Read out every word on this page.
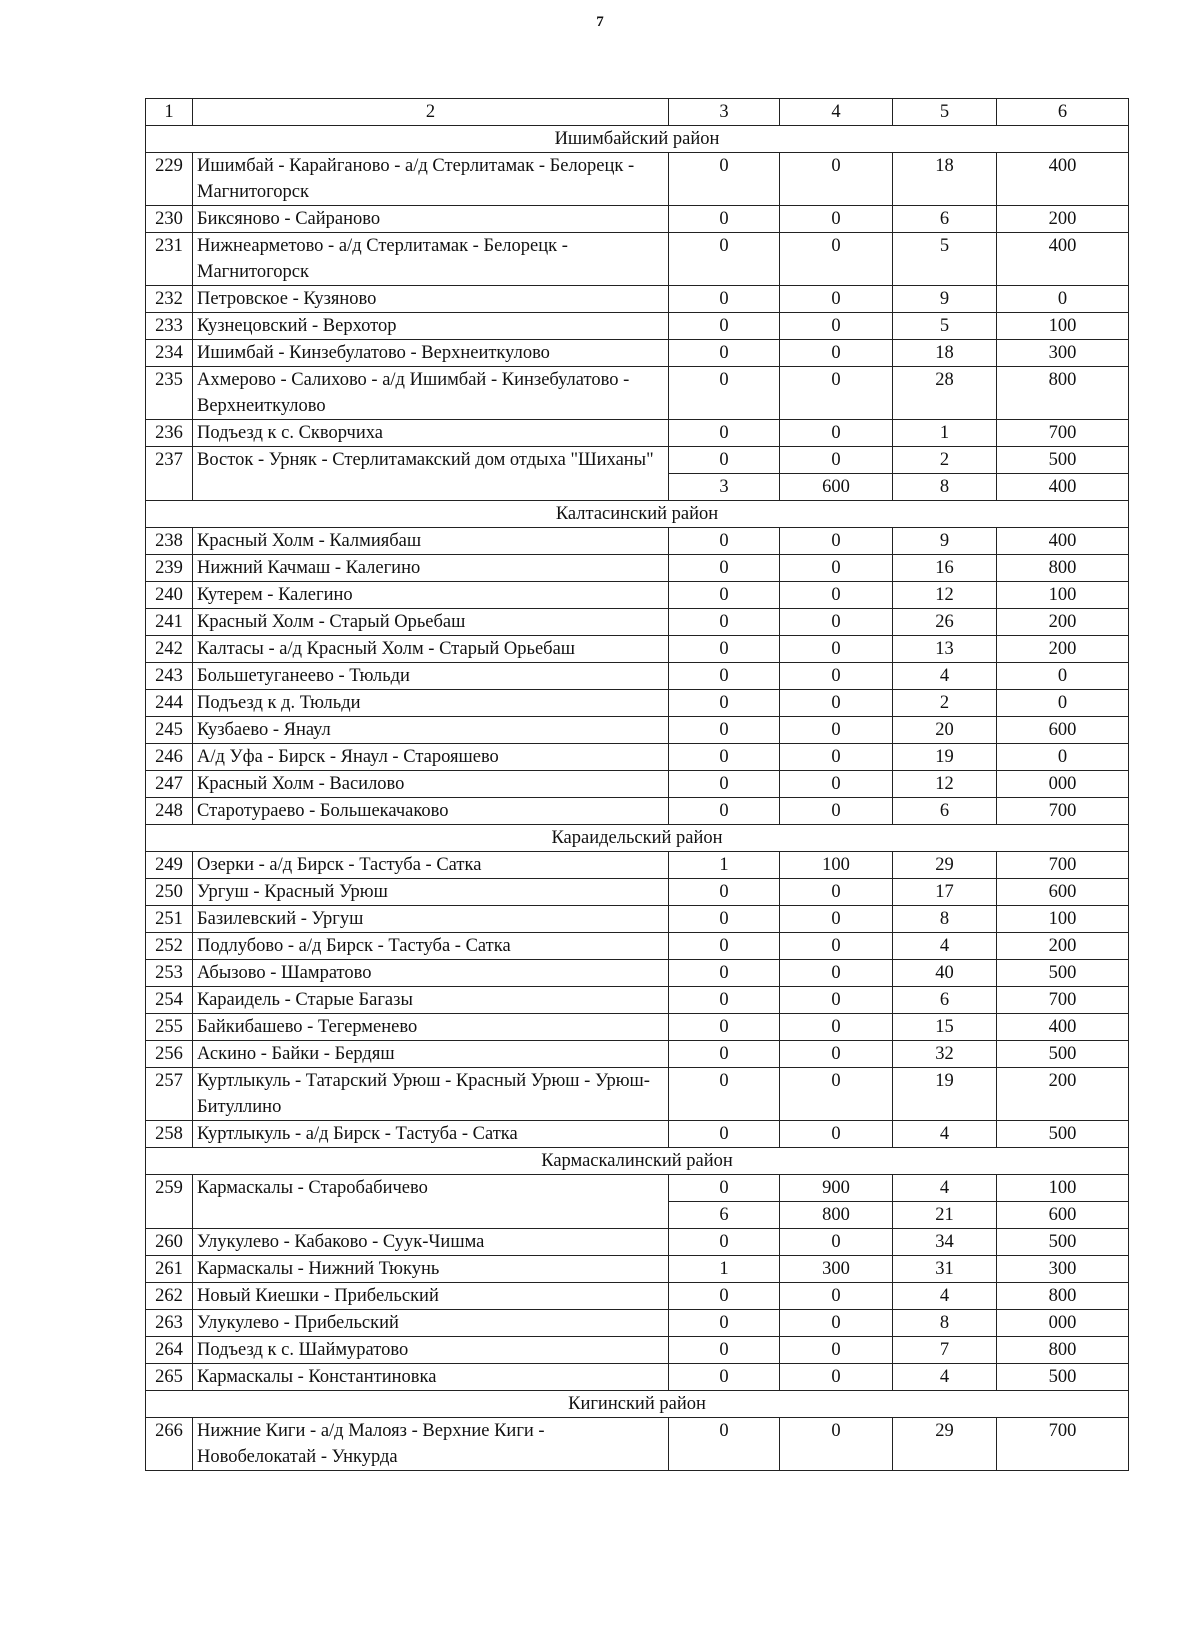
7
1	2	3	4	5	6
Ишимбайский район					
229	Ишимбай - Карайганово - а/д Стерлитамак - Белорецк - Магнитогорск	0	0	18	400
230	Биксяново - Сайраново	0	0	6	200
231	Нижнеарметово - а/д Стерлитамак - Белорецк - Магнитогорск	0	0	5	400
232	Петровское - Кузяново	0	0	9	0
233	Кузнецовский - Верхотор	0	0	5	100
234	Ишимбай - Кинзебулатово - Верхнеиткулово	0	0	18	300
235	Ахмерово - Салихово - а/д Ишимбай - Кинзебулатово - Верхнеиткулово	0	0	28	800
236	Подъезд к с. Скворчиха	0	0	1	700
237	Восток - Урняк - Стерлитамакский дом отдыха "Шиханы"	0	0	2	500
		3	600	8	400
Калтасинский район					
238	Красный Холм - Калмиябаш	0	0	9	400
239	Нижний Качмаш - Калегино	0	0	16	800
240	Кутерем - Калегино	0	0	12	100
241	Красный Холм - Старый Орьебаш	0	0	26	200
242	Калтасы - а/д Красный Холм - Старый Орьебаш	0	0	13	200
243	Большетуганеево - Тюльди	0	0	4	0
244	Подъезд к д. Тюльди	0	0	2	0
245	Кузбаево - Янаул	0	0	20	600
246	А/д Уфа - Бирск - Янаул - Старояшево	0	0	19	0
247	Красный Холм - Василово	0	0	12	000
248	Старотураево - Большекачаково	0	0	6	700
Караидельский район					
249	Озерки - а/д Бирск - Тастуба - Сатка	1	100	29	700
250	Ургуш - Красный Урюш	0	0	17	600
251	Базилевский - Ургуш	0	0	8	100
252	Подлубово - а/д Бирск - Тастуба - Сатка	0	0	4	200
253	Абызово - Шамратово	0	0	40	500
254	Караидель - Старые Багазы	0	0	6	700
255	Байкибашево - Тегерменево	0	0	15	400
256	Аскино - Байки - Бердяш	0	0	32	500
257	Куртлыкуль - Татарский Урюш - Красный Урюш - Урюш-Битуллино	0	0	19	200
258	Куртлыкуль - а/д Бирск - Тастуба - Сатка	0	0	4	500
Кармаскалинский район					
259	Кармаскалы - Старобабичево	0	900	4	100
		6	800	21	600
260	Улукулево - Кабаково - Суук-Чишма	0	0	34	500
261	Кармаскалы - Нижний Тюкунь	1	300	31	300
262	Новый Киешки - Прибельский	0	0	4	800
263	Улукулево - Прибельский	0	0	8	000
264	Подъезд к с. Шаймуратово	0	0	7	800
265	Кармаскалы - Константиновка	0	0	4	500
Кигинский район					
266	Нижние Киги - а/д Малояз - Верхние Киги - Новобелокатай - Ункурда	0	0	29	700
